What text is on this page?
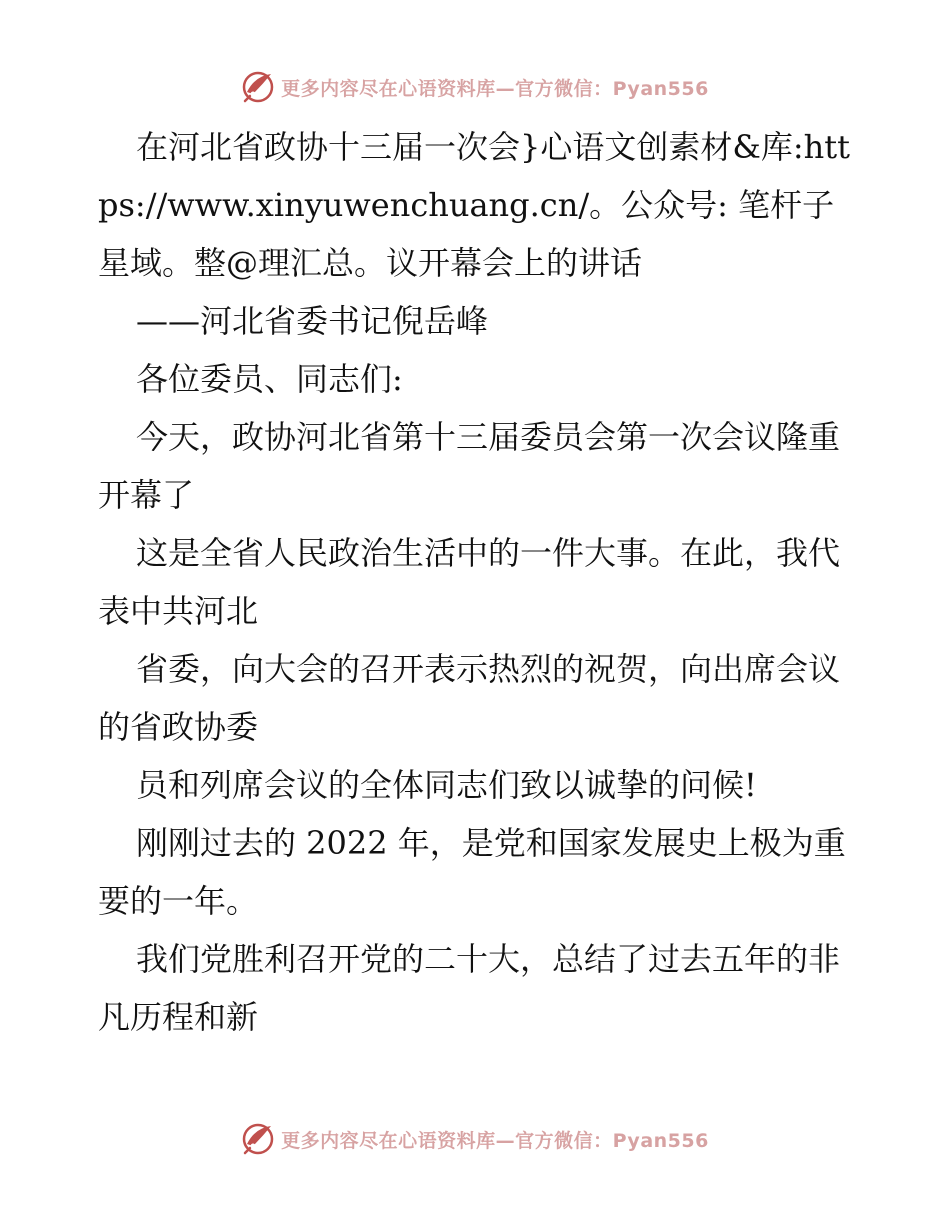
更多内容尽在心语资料库—官方微信：Pyan556

在河北省政协十三届一次会}心语文创素材&库:https://www.xinyuwenchuang.cn/。公众号: 笔杆子星域。整@理汇总。议开幕会上的讲话

——河北省委书记倪岳峰

各位委员、同志们:

今天，政协河北省第十三届委员会第一次会议隆重开幕了

这是全省人民政治生活中的一件大事。在此，我代表中共河北

省委，向大会的召开表示热烈的祝贺，向出席会议的省政协委

员和列席会议的全体同志们致以诚挚的问候!

刚刚过去的 2022 年，是党和国家发展史上极为重要的一年。

我们党胜利召开党的二十大，总结了过去五年的非凡历程和新

更多内容尽在心语资料库—官方微信：Pyan556
